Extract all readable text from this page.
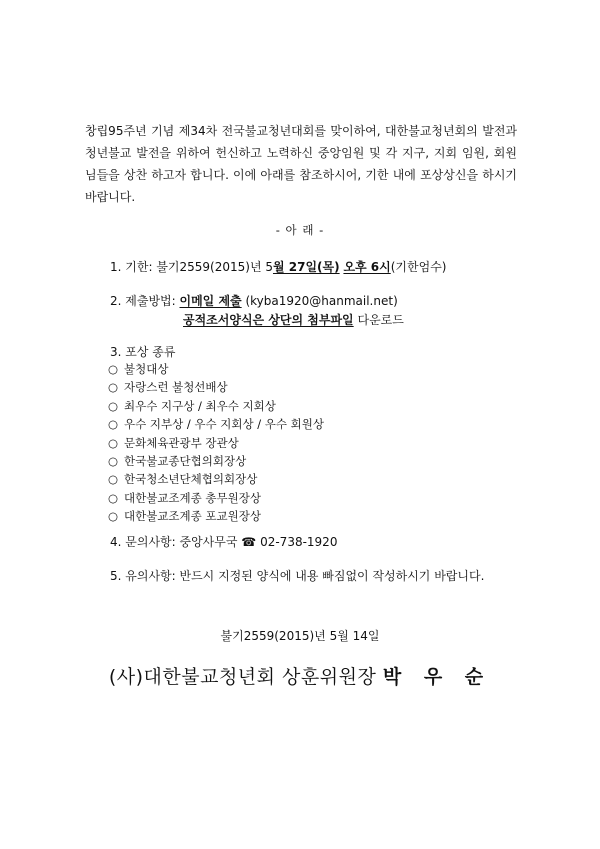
창립95주년 기념 제34차 전국불교청년대회를 맞이하여, 대한불교청년회의 발전과 청년불교 발전을 위하여 헌신하고 노력하신 중앙임원 및 각 지구, 지회 임원, 회원님들을 상찬 하고자 합니다. 이에 아래를 참조하시어, 기한 내에 포상상신을 하시기 바랍니다.

- 아 래 -
1. 기한: 불기2559(2015)년 5월 27일(목) 오후 6시(기한엄수)
2. 제출방법: 이메일 제출 (kyba1920@hanmail.net)
공적조서양식은 상단의 첨부파일 다운로드
3. 포상 종류
○ 불청대상
○ 자랑스런 불청선배상
○ 최우수 지구상 / 최우수 지회상
○ 우수 지부상 / 우수 지회상 / 우수 회원상
○ 문화체육관광부 장관상
○ 한국불교종단협의회장상
○ 한국청소년단체협의회장상
○ 대한불교조계종 총무원장상
○ 대한불교조계종 포교원장상
4. 문의사항: 중앙사무국 ☎ 02-738-1920
5. 유의사항: 반드시 지정된 양식에 내용 빠짐없이 작성하시기 바랍니다.
불기2559(2015)년 5월 14일
(사)대한불교청년회 상훈위원장 박 우 순
